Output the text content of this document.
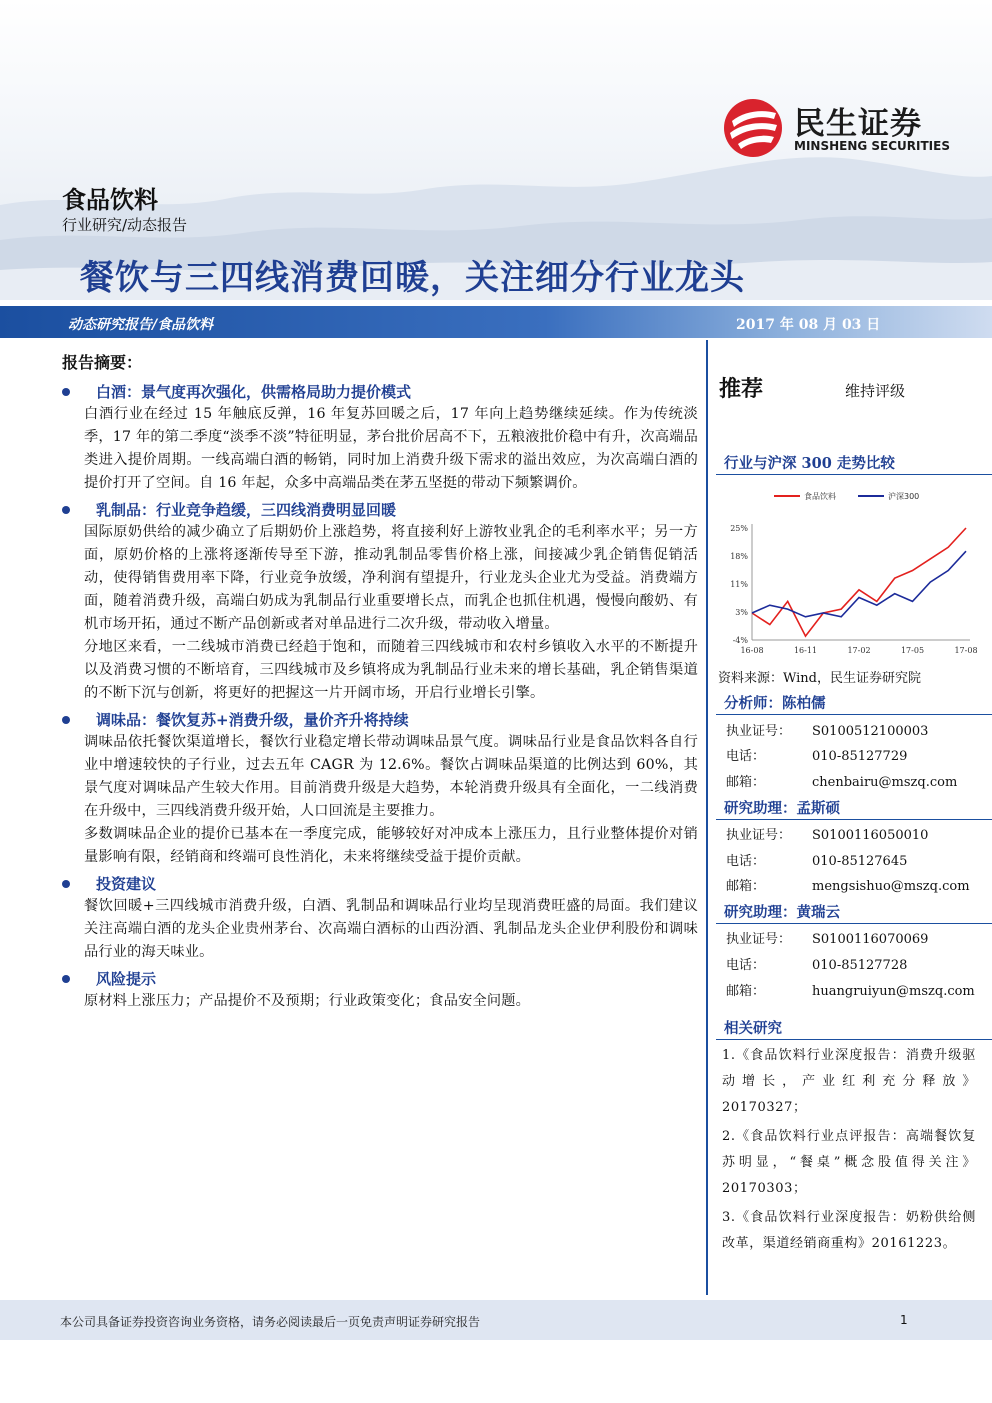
民生证券
MINSHENG SECURITIES
食品饮料
行业研究/动态报告
餐饮与三四线消费回暖，关注细分行业龙头
动态研究报告/食品饮料	2017 年 08 月 03 日
报告摘要：
白酒：景气度再次强化，供需格局助力提价模式
白酒行业在经过 15 年触底反弹，16 年复苏回暖之后，17 年向上趋势继续延续。作为传统淡季，17 年的第二季度“淡季不淡”特征明显，茅台批价居高不下，五粮液批价稳中有升，次高端品类进入提价周期。一线高端白酒的畅销，同时加上消费升级下需求的溢出效应，为次高端白酒的提价打开了空间。自 16 年起，众多中高端品类在茅五坚挺的带动下频繁调价。
乳制品：行业竞争趋缓，三四线消费明显回暖
国际原奶供给的减少确立了后期奶价上涨趋势，将直接利好上游牧业乳企的毛利率水平；另一方面，原奶价格的上涨将逐渐传导至下游，推动乳制品零售价格上涨，间接减少乳企销售促销活动，使得销售费用率下降，行业竞争放缓，净利润有望提升，行业龙头企业尤为受益。消费端方面，随着消费升级，高端白奶成为乳制品行业重要增长点，而乳企也抓住机遇，慢慢向酸奶、有机市场开拓，通过不断产品创新或者对单品进行二次升级，带动收入增量。
分地区来看，一二线城市消费已经趋于饱和，而随着三四线城市和农村乡镇收入水平的不断提升以及消费习惯的不断培育，三四线城市及乡镇将成为乳制品行业未来的增长基础，乳企销售渠道的不断下沉与创新，将更好的把握这一片开阔市场，开启行业增长引擎。
调味品：餐饮复苏+消费升级，量价齐升将持续
调味品依托餐饮渠道增长，餐饮行业稳定增长带动调味品景气度。调味品行业是食品饮料各自行业中增速较快的子行业，过去五年 CAGR 为 12.6%。餐饮占调味品渠道的比例达到 60%，其景气度对调味品产生较大作用。目前消费升级是大趋势，本轮消费升级具有全面化，一二线消费在升级中，三四线消费升级开始，人口回流是主要推力。
多数调味品企业的提价已基本在一季度完成，能够较好对冲成本上涨压力，且行业整体提价对销量影响有限，经销商和终端可良性消化，未来将继续受益于提价贡献。
投资建议
餐饮回暖+三四线城市消费升级，白酒、乳制品和调味品行业均呈现消费旺盛的局面。我们建议关注高端白酒的龙头企业贵州茅台、次高端白酒标的山西汾酒、乳制品龙头企业伊利股份和调味品行业的海天味业。
风险提示
原材料上涨压力；产品提价不及预期；行业政策变化；食品安全问题。
推荐	维持评级
行业与沪深 300 走势比较
食品饮料	沪深300
25%
18%
11%
3%
-4%
16-08	16-11	17-02	17-05	17-08
资料来源：Wind，民生证券研究院
分析师：陈柏儒
执业证号： S0100512100003
电话：	010-85127729
邮箱：	chenbairu@mszq.com
研究助理：孟斯硕
执业证号： S0100116050010
电话：	010-85127645
邮箱：	mengsishuo@mszq.com
研究助理：黄瑞云
执业证号： S0100116070069
电话：	010-85127728
邮箱：	huangruiyun@mszq.com
相关研究
1.《食品饮料行业深度报告：消费升级驱动增长，产业红利充分释放》20170327；
2.《食品饮料行业点评报告：高端餐饮复苏明显，“餐桌”概念股值得关注》20170303；
3.《食品饮料行业深度报告：奶粉供给侧改革，渠道经销商重构》20161223。
本公司具备证券投资咨询业务资格，请务必阅读最后一页免责声明证券研究报告	1
